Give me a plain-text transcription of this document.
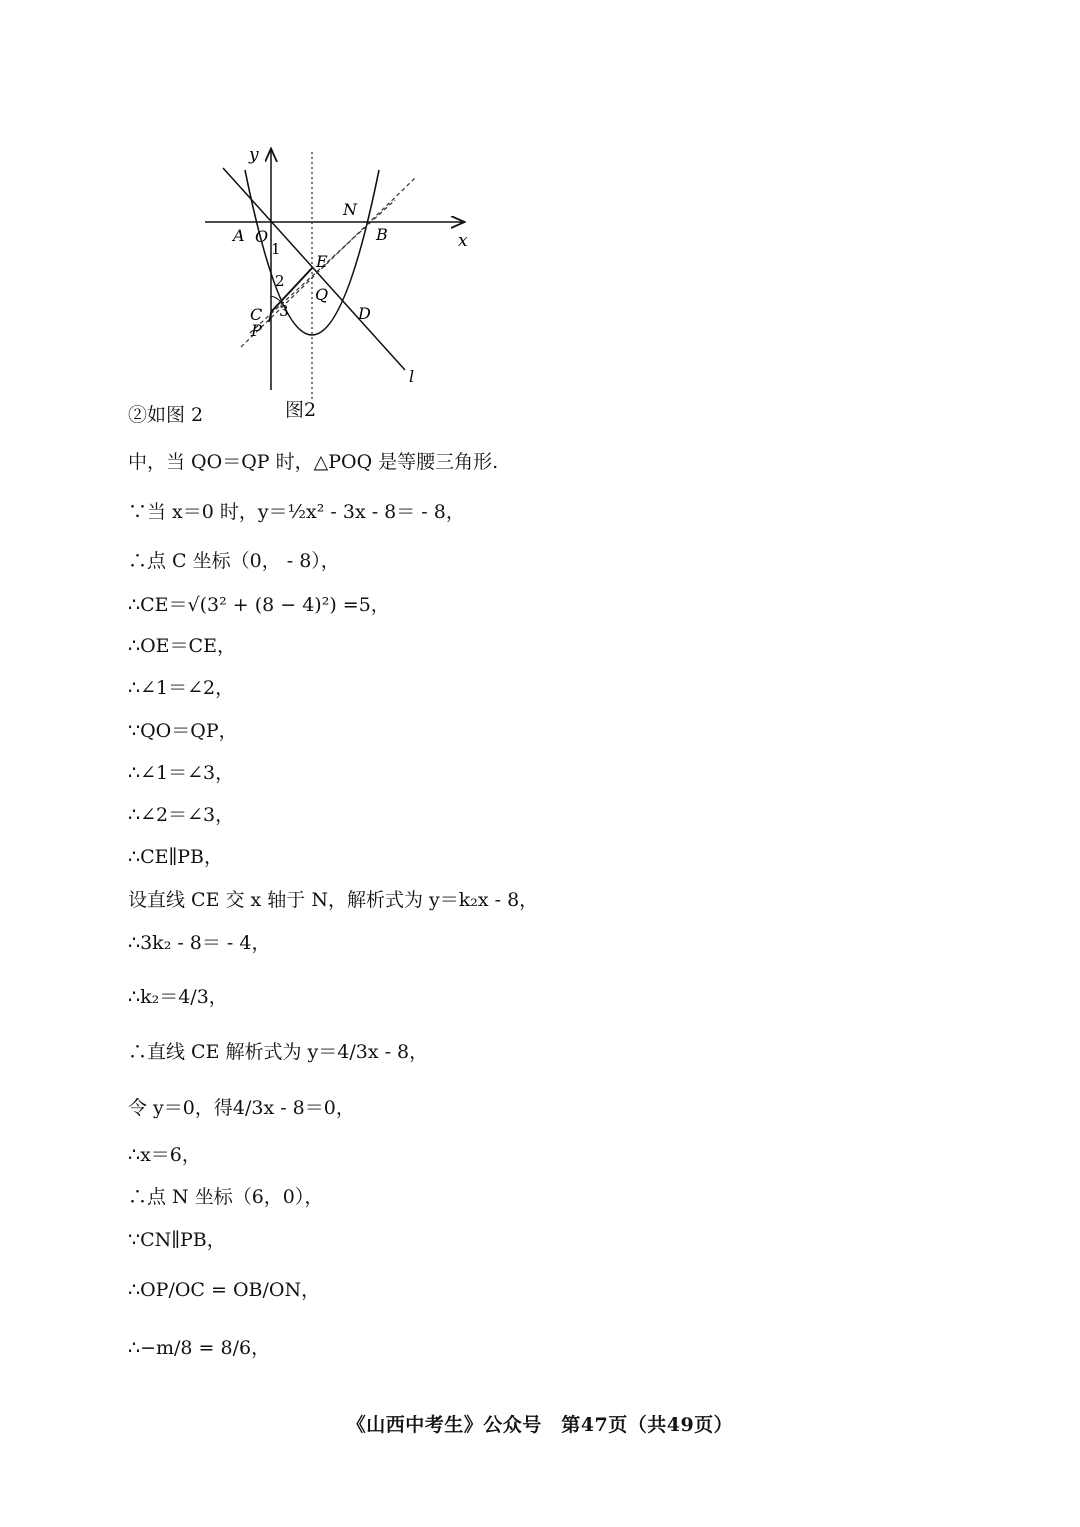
y
x
A O
1
B
N
E
2
Q
C 3
P
D
l
图2
②如图 2
中，当 QO＝QP 时，△POQ 是等腰三角形.
∵当 x＝0 时，y＝½x² - 3x - 8＝ - 8，
∴点 C 坐标（0， - 8），
∴CE＝√(3² + (8 − 4)²) =5，
∴OE＝CE，
∴∠1＝∠2，
∵QO＝QP，
∴∠1＝∠3，
∴∠2＝∠3，
∴CE∥PB，
设直线 CE 交 x 轴于 N，解析式为 y＝k₂x - 8，
∴3k₂ - 8＝ - 4，
∴k₂＝4/3，
∴直线 CE 解析式为 y＝4/3x - 8，
令 y＝0，得4/3x - 8＝0，
∴x＝6，
∴点 N 坐标（6，0），
∵CN∥PB，
∴OP/OC = OB/ON，
∴−m/8 = 8/6，
《山西中考生》公众号　第47页（共49页）
